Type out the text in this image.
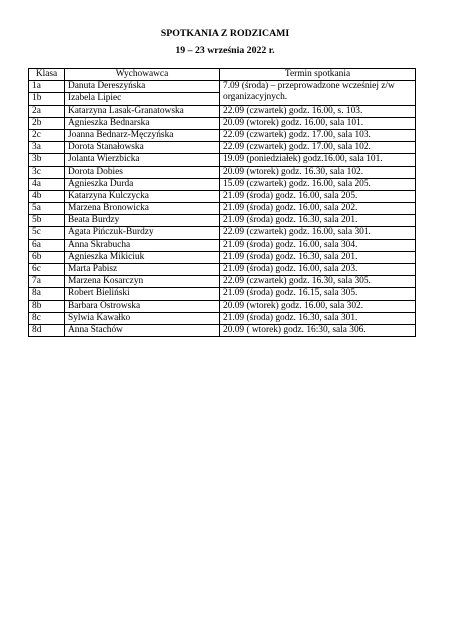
SPOTKANIA Z RODZICAMI
19 – 23 września 2022 r.
Klasa	Wychowawca	Termin spotkania
1a	Danuta Dereszyńska	7.09 (środa) – przeprowadzone wcześniej z/w organizacyjnych.
1b	Izabela Lipiec	
2a	Katarzyna Lasak-Granatowska	22.09 (czwartek) godz. 16.00, s. 103.
2b	Agnieszka Bednarska	20.09 (wtorek) godz. 16.00, sala 101.
2c	Joanna Bednarz-Męczyńska	22.09 (czwartek) godz. 17.00, sala 103.
3a	Dorota Stanałowska	22.09 (czwartek) godz. 17.00, sala 102.
3b	Jolanta Wierzbicka	19.09 (poniedziałek) godz.16.00, sala 101.
3c	Dorota Dobies	20.09 (wtorek) godz. 16.30, sala 102.
4a	Agnieszka Durda	15.09 (czwartek) godz. 16.00, sala 205.
4b	Katarzyna Kulczycka	21.09 (środa) godz. 16.00, sala 205.
5a	Marzena Bronowicka	21.09 (środa) godz. 16.00, sala 202.
5b	Beata Burdzy	21.09 (środa) godz. 16.30, sala 201.
5c	Agata Pińczuk-Burdzy	22.09 (czwartek) godz. 16.00, sala 301.
6a	Anna Skrabucha	21.09 (środa) godz. 16.00, sala 304.
6b	Agnieszka Mikiciuk	21.09 (środa) godz. 16.30, sala 201.
6c	Marta Pabisz	21.09 (środa) godz. 16.00, sala 203.
7a	Marzena Kosarczyn	22.09 (czwartek) godz. 16.30, sala 305.
8a	Robert Bieliński	21.09 (środa) godz. 16.15, sala 305.
8b	Barbara Ostrowska	20.09 (wtorek) godz. 16.00, sala 302.
8c	Sylwia Kawałko	21.09 (środa) godz. 16.30, sala 301.
8d	Anna Stachów	20.09 ( wtorek) godz. 16:30, sala 306.
